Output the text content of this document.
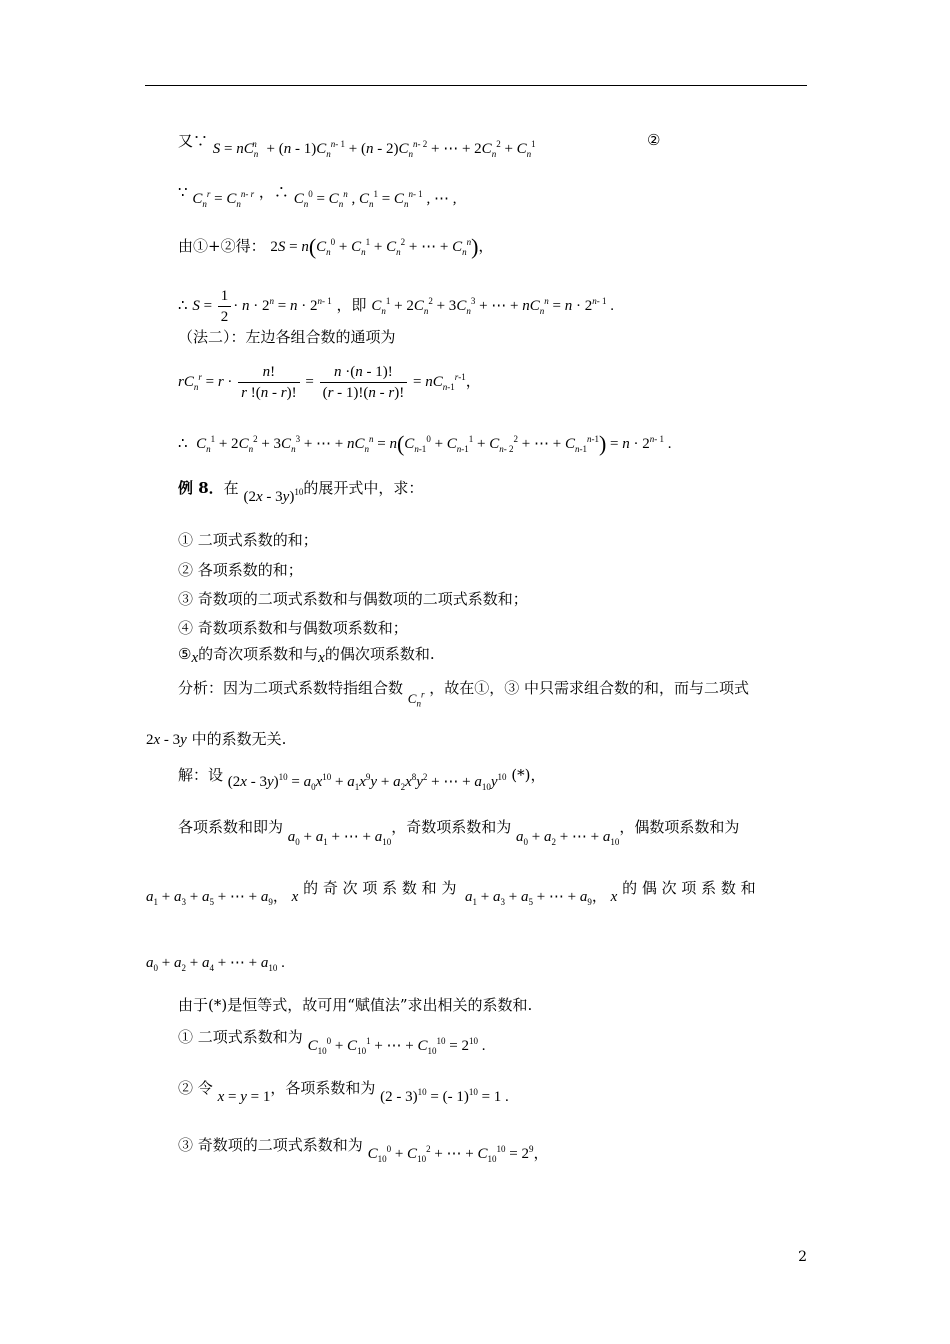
又∵ $S = nC_n^n + (n - 1)C_n^{n- 1} + (n - 2)C_n^{n- 2}$ + ⋯ + $2C_n^2 + C_n^1$	②
∵ $C_n^r = C_n^{n- r}$ ，∴ $C_n^0 = C_n^n$ , $C_n^1 = C_n^{n- 1}$ , ⋯ ,
由①+②得： $2S = n(C_n^0 + C_n^1 + C_n^2$ + ⋯ + $C_n^n$)，
∴ $S = \frac{1}{2} \cdot n \cdot 2^n = n \cdot 2^{n- 1}$ ，即 $C_n^1 + 2C_n^2 + 3C_n^3$ + ⋯ + $nC_n^n = n \cdot 2^{n- 1}$ .
（法二）：左边各组合数的通项为
$rC_n^r = r \cdot \frac{n!}{r !(n - r)!} = \frac{n \cdot(n - 1)!}{(r - 1)!(n - r)!} = nC_{n-1}^{r-1}$，
∴ $C_n^1 + 2C_n^2 + 3C_n^3$ + ⋯ + $nC_n^n = n(C_{n-1}^0 + C_{n-1}^1 + C_{n- 2}^2$ + ⋯ + $C_{n-1}^{n-1}) = n \cdot 2^{n- 1}$ .
例 8．在 (2x - 3y)$^{10}$的展开式中，求：
① 二项式系数的和；
② 各项系数的和；
③ 奇数项的二项式系数和与偶数项的二项式系数和；
④ 奇数项系数和与偶数项系数和；
⑤x的奇次项系数和与x的偶次项系数和.
分析：因为二项式系数特指组合数 $C_n^r$ ，故在①，③ 中只需求组合数的和，而与二项式
2x - 3y 中的系数无关.
解：设 $(2x - 3y)^{10} = a_0x^{10} + a_1x^9y + a_2x^8y^2$ + ⋯ + $a_{10}y^{10}$ (*)，
各项系数和即为 $a_0 + a_1$ + ⋯ + $a_{10}$，奇数项系数和为 $a_0 + a_2$ + ⋯ + $a_{10}$，偶数项系数和为
$a_1 + a_3 + a_5$ + ⋯ + $a_9$， x 的 奇 次 项 系 数 和 为 $a_1 + a_3 + a_5$ + ⋯ + $a_9$， x 的 偶 次 项 系 数 和
$a_0 + a_2 + a_4$ + ⋯ + $a_{10}$ .
由于(*)是恒等式，故可用“赋值法”求出相关的系数和.
① 二项式系数和为 $C_{10}^0 + C_{10}^1$ + ⋯ + $C_{10}^{10} = 2^{10}$ .
② 令 x = y = 1，各项系数和为 (2 - 3)$^{10}$ = (- 1)$^{10}$ = 1 .
③ 奇数项的二项式系数和为 $C_{10}^0 + C_{10}^2$ + ⋯ + $C_{10}^{10} = 2^9$，
2
